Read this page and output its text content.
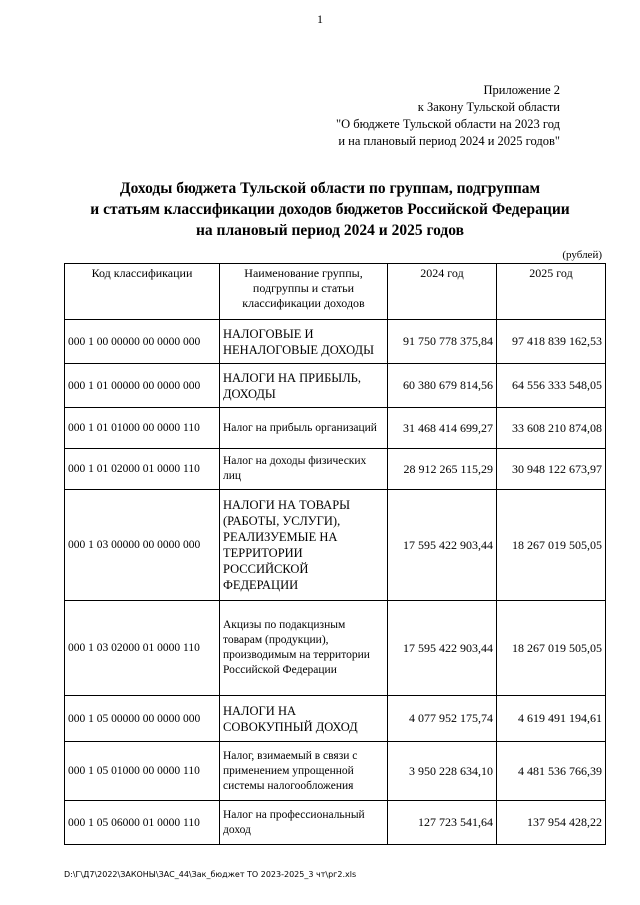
1
Приложение 2
к Закону Тульской области
"О бюджете Тульской области на 2023 год
и на плановый период 2024 и 2025 годов"
Доходы бюджета Тульской области по группам, подгруппам
и статьям классификации доходов бюджетов Российской Федерации
на плановый период 2024 и 2025 годов
(рублей)
Код классификации	Наименование группы, подгруппы и статьи классификации доходов	2024 год	2025 год
000 1 00 00000 00 0000 000	НАЛОГОВЫЕ И НЕНАЛОГОВЫЕ ДОХОДЫ	91 750 778 375,84	97 418 839 162,53
000 1 01 00000 00 0000 000	НАЛОГИ НА ПРИБЫЛЬ, ДОХОДЫ	60 380 679 814,56	64 556 333 548,05
000 1 01 01000 00 0000 110	Налог на прибыль организаций	31 468 414 699,27	33 608 210 874,08
000 1 01 02000 01 0000 110	Налог на доходы физических лиц	28 912 265 115,29	30 948 122 673,97
000 1 03 00000 00 0000 000	НАЛОГИ НА ТОВАРЫ (РАБОТЫ, УСЛУГИ), РЕАЛИЗУЕМЫЕ НА ТЕРРИТОРИИ РОССИЙСКОЙ ФЕДЕРАЦИИ	17 595 422 903,44	18 267 019 505,05
000 1 03 02000 01 0000 110	Акцизы по подакцизным товарам (продукции), производимым на территории Российской Федерации	17 595 422 903,44	18 267 019 505,05
000 1 05 00000 00 0000 000	НАЛОГИ НА СОВОКУПНЫЙ ДОХОД	4 077 952 175,74	4 619 491 194,61
000 1 05 01000 00 0000 110	Налог, взимаемый в связи с применением упрощенной системы налогообложения	3 950 228 634,10	4 481 536 766,39
000 1 05 06000 01 0000 110	Налог на профессиональный доход	127 723 541,64	137 954 428,22
D:\Г\Д7\2022\ЗАКОНЫ\ЗАС_44\Зак_бюджет ТО 2023-2025_3 чт\рг2.xls
